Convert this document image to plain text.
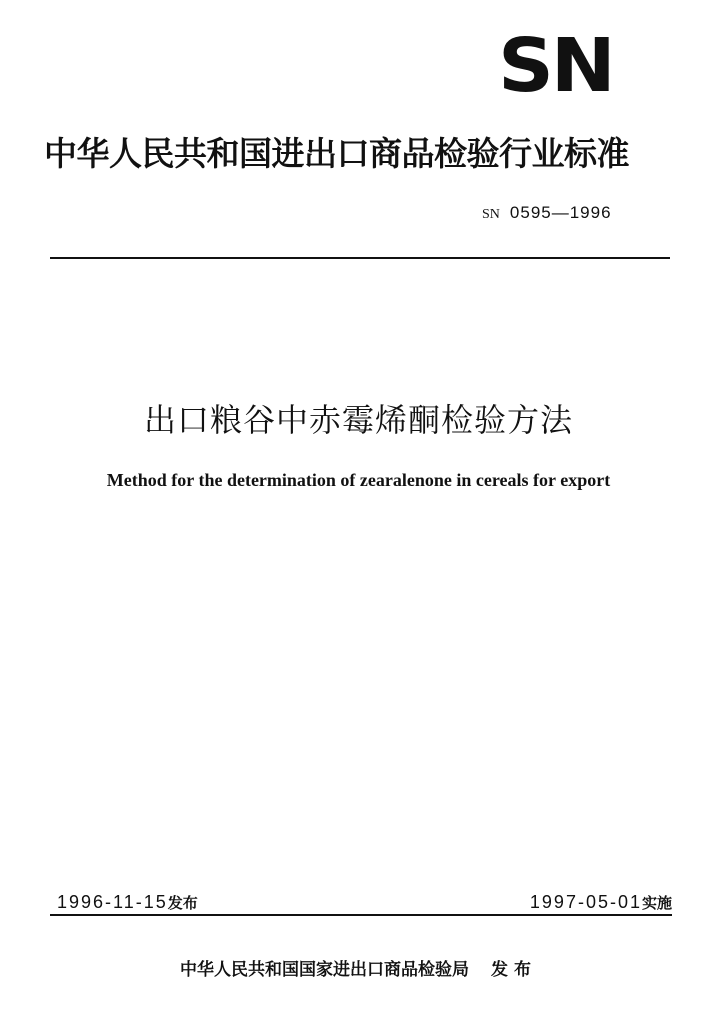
SN
中华人民共和国进出口商品检验行业标准
SN 0595—1996
出口粮谷中赤霉烯酮检验方法
Method for the determination of zearalenone in cereals for export
1996-11-15发布	1997-05-01实施
中华人民共和国国家进出口商品检验局 发布
